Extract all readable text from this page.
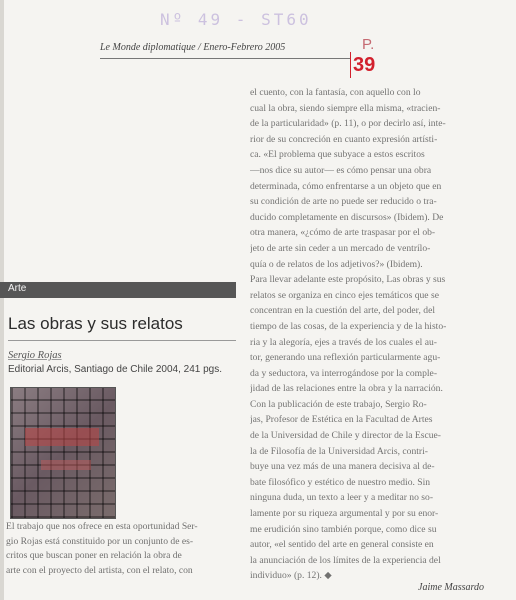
Nº 49 - ST60
Le Monde diplomatique / Enero-Febrero 2005	P.
39
Arte
Las obras y sus relatos
Sergio Rojas
Editorial Arcis, Santiago de Chile 2004, 241 pgs.
El trabajo que nos ofrece en esta oportunidad Ser-
gio Rojas está constituido por un conjunto de es-
critos que buscan poner en relación la obra de
arte con el proyecto del artista, con el relato, con
el cuento, con la fantasía, con aquello con lo
cual la obra, siendo siempre ella misma, «tracien-
de la particularidad» (p. 11), o por decirlo así, inte-
rior de su concreción en cuanto expresión artísti-
ca. «El problema que subyace a estos escritos
—nos dice su autor— es cómo pensar una obra
determinada, cómo enfrentarse a un objeto que en
su condición de arte no puede ser reducido o tra-
ducido completamente en discursos» (Ibidem). De
otra manera, «¿cómo de arte traspasar por el ob-
jeto de arte sin ceder a un mercado de ventrílo-
quía o de relatos de los adjetivos?» (Ibidem).
Para llevar adelante este propósito, Las obras y sus
relatos se organiza en cinco ejes temáticos que se
concentran en la cuestión del arte, del poder, del
tiempo de las cosas, de la experiencia y de la histo-
ria y la alegoría, ejes a través de los cuales el au-
tor, generando una reflexión particularmente agu-
da y seductora, va interrogándose por la comple-
jidad de las relaciones entre la obra y la narración.
Con la publicación de este trabajo, Sergio Ro-
jas, Profesor de Estética en la Facultad de Artes
de la Universidad de Chile y director de la Escue-
la de Filosofía de la Universidad Arcis, contri-
buye una vez más de una manera decisiva al de-
bate filosófico y estético de nuestro medio. Sin
ninguna duda, un texto a leer y a meditar no so-
lamente por su riqueza argumental y por su enor-
me erudición sino también porque, como dice su
autor, «el sentido del arte en general consiste en
la anunciación de los límites de la experiencia del
individuo» (p. 12). ◆
Jaime Massardo
